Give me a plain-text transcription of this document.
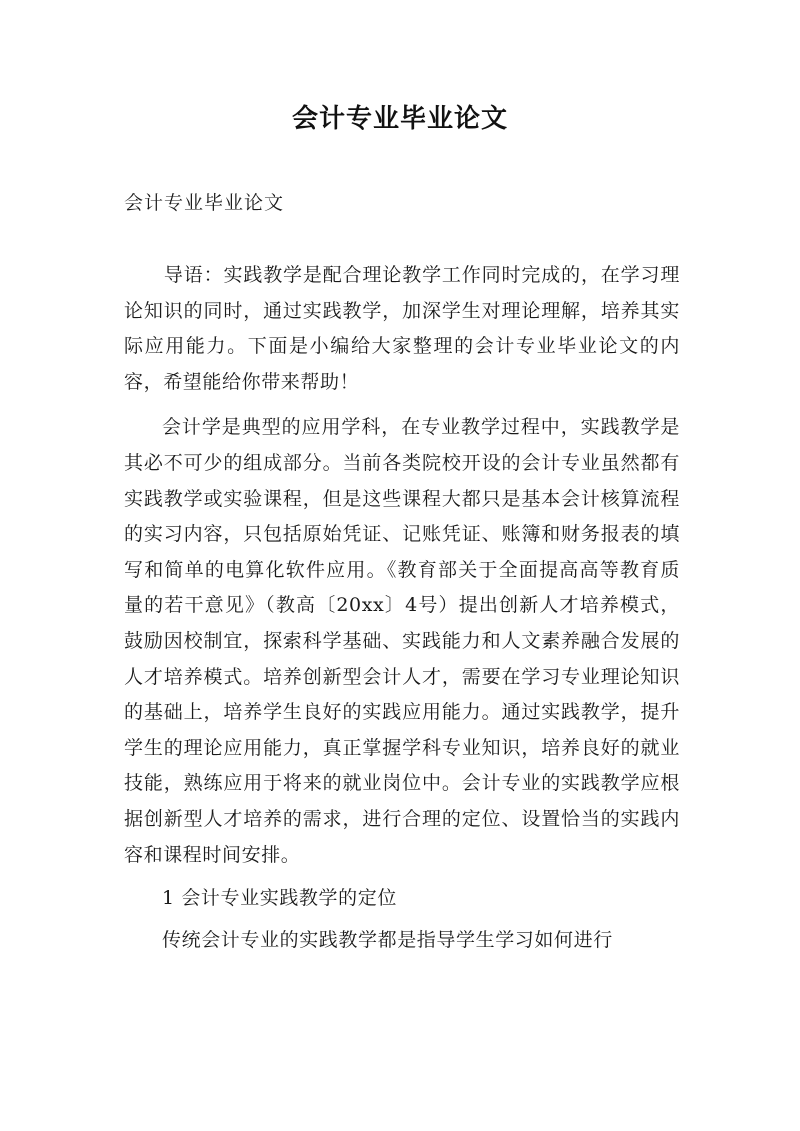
会计专业毕业论文

会计专业毕业论文

导语：实践教学是配合理论教学工作同时完成的，在学习理论知识的同时，通过实践教学，加深学生对理论理解，培养其实际应用能力。下面是小编给大家整理的会计专业毕业论文的内容，希望能给你带来帮助！

会计学是典型的应用学科，在专业教学过程中，实践教学是其必不可少的组成部分。当前各类院校开设的会计专业虽然都有实践教学或实验课程，但是这些课程大都只是基本会计核算流程的实习内容，只包括原始凭证、记账凭证、账簿和财务报表的填写和简单的电算化软件应用。《教育部关于全面提高高等教育质量的若干意见》（教高〔20xx〕4号）提出创新人才培养模式，鼓励因校制宜，探索科学基础、实践能力和人文素养融合发展的人才培养模式。培养创新型会计人才，需要在学习专业理论知识的基础上，培养学生良好的实践应用能力。通过实践教学，提升学生的理论应用能力，真正掌握学科专业知识，培养良好的就业技能，熟练应用于将来的就业岗位中。会计专业的实践教学应根据创新型人才培养的需求，进行合理的定位、设置恰当的实践内容和课程时间安排。

1 会计专业实践教学的定位

传统会计专业的实践教学都是指导学生学习如何进行
